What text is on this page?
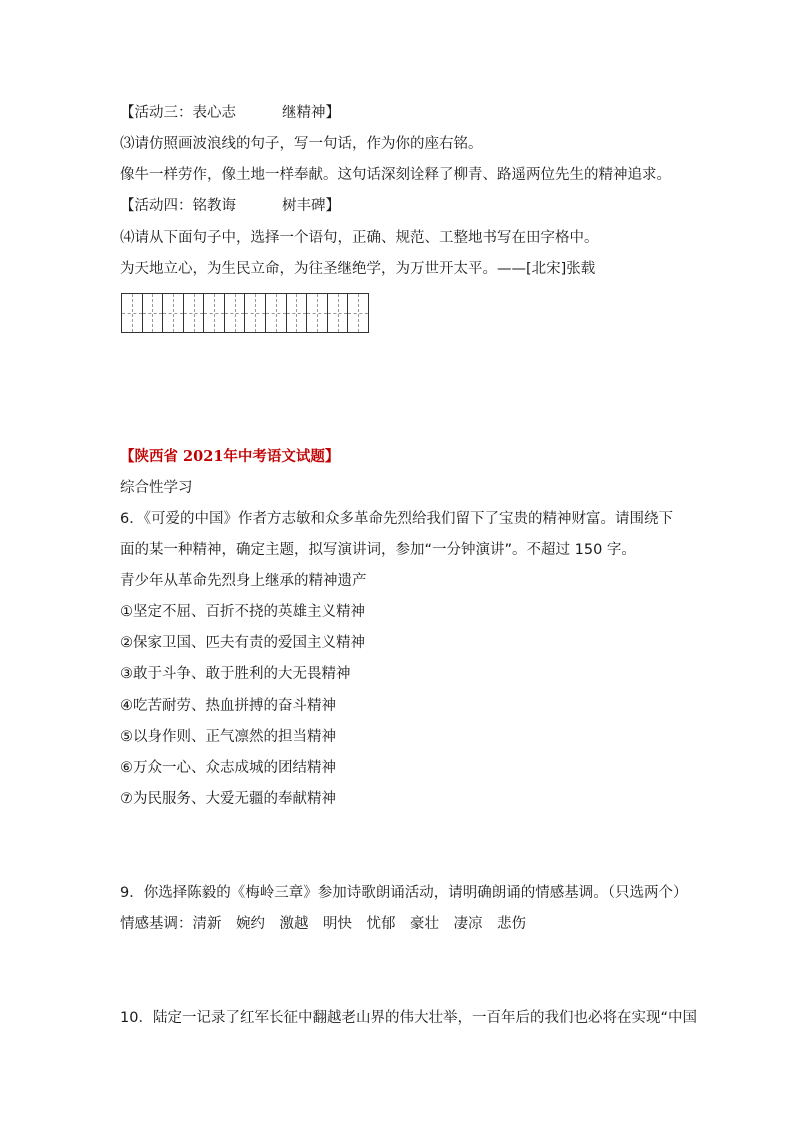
【活动三：表心志	继精神】
⑶请仿照画波浪线的句子，写一句话，作为你的座右铭。
像牛一样劳作，像土地一样奉献。这句话深刻诠释了柳青、路遥两位先生的精神追求。
【活动四：铭教诲	树丰碑】
⑷请从下面句子中，选择一个语句，正确、规范、工整地书写在田字格中。
为天地立心，为生民立命，为往圣继绝学，为万世开太平。——[北宋]张载
【陕西省 2021年中考语文试题】
综合性学习
6．《可爱的中国》作者方志敏和众多革命先烈给我们留下了宝贵的精神财富。请围绕下
面的某一种精神，确定主题，拟写演讲词，参加“一分钟演讲”。不超过 150 字。
青少年从革命先烈身上继承的精神遗产
①坚定不屈、百折不挠的英雄主义精神
②保家卫国、匹夫有责的爱国主义精神
③敢于斗争、敢于胜利的大无畏精神
④吃苦耐劳、热血拼搏的奋斗精神
⑤以身作则、正气凛然的担当精神
⑥万众一心、众志成城的团结精神
⑦为民服务、大爱无疆的奉献精神
9．你选择陈毅的《梅岭三章》参加诗歌朗诵活动，请明确朗诵的情感基调。（只选两个）
情感基调：清新　婉约　激越　明快　忧郁　豪壮　凄凉　悲伤
10．陆定一记录了红军长征中翻越老山界的伟大壮举，一百年后的我们也必将在实现“中国
